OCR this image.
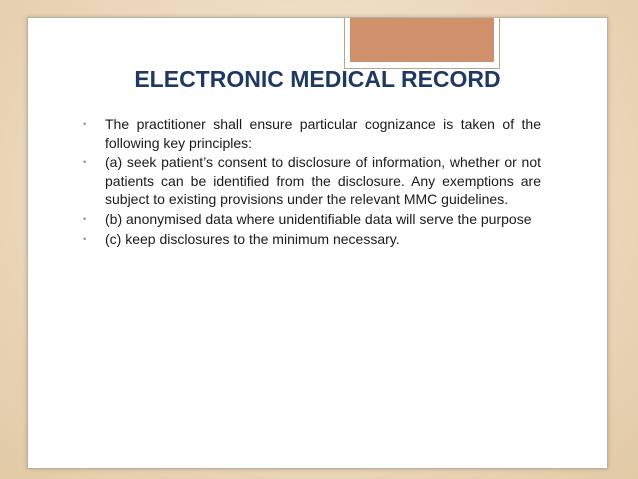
ELECTRONIC MEDICAL RECORD
• The practitioner shall ensure particular cognizance is taken of the following key principles:
• (a) seek patient’s consent to disclosure of information, whether or not patients can be identified from the disclosure. Any exemptions are subject to existing provisions under the relevant MMC guidelines.
• (b) anonymised data where unidentifiable data will serve the purpose
• (c) keep disclosures to the minimum necessary.
